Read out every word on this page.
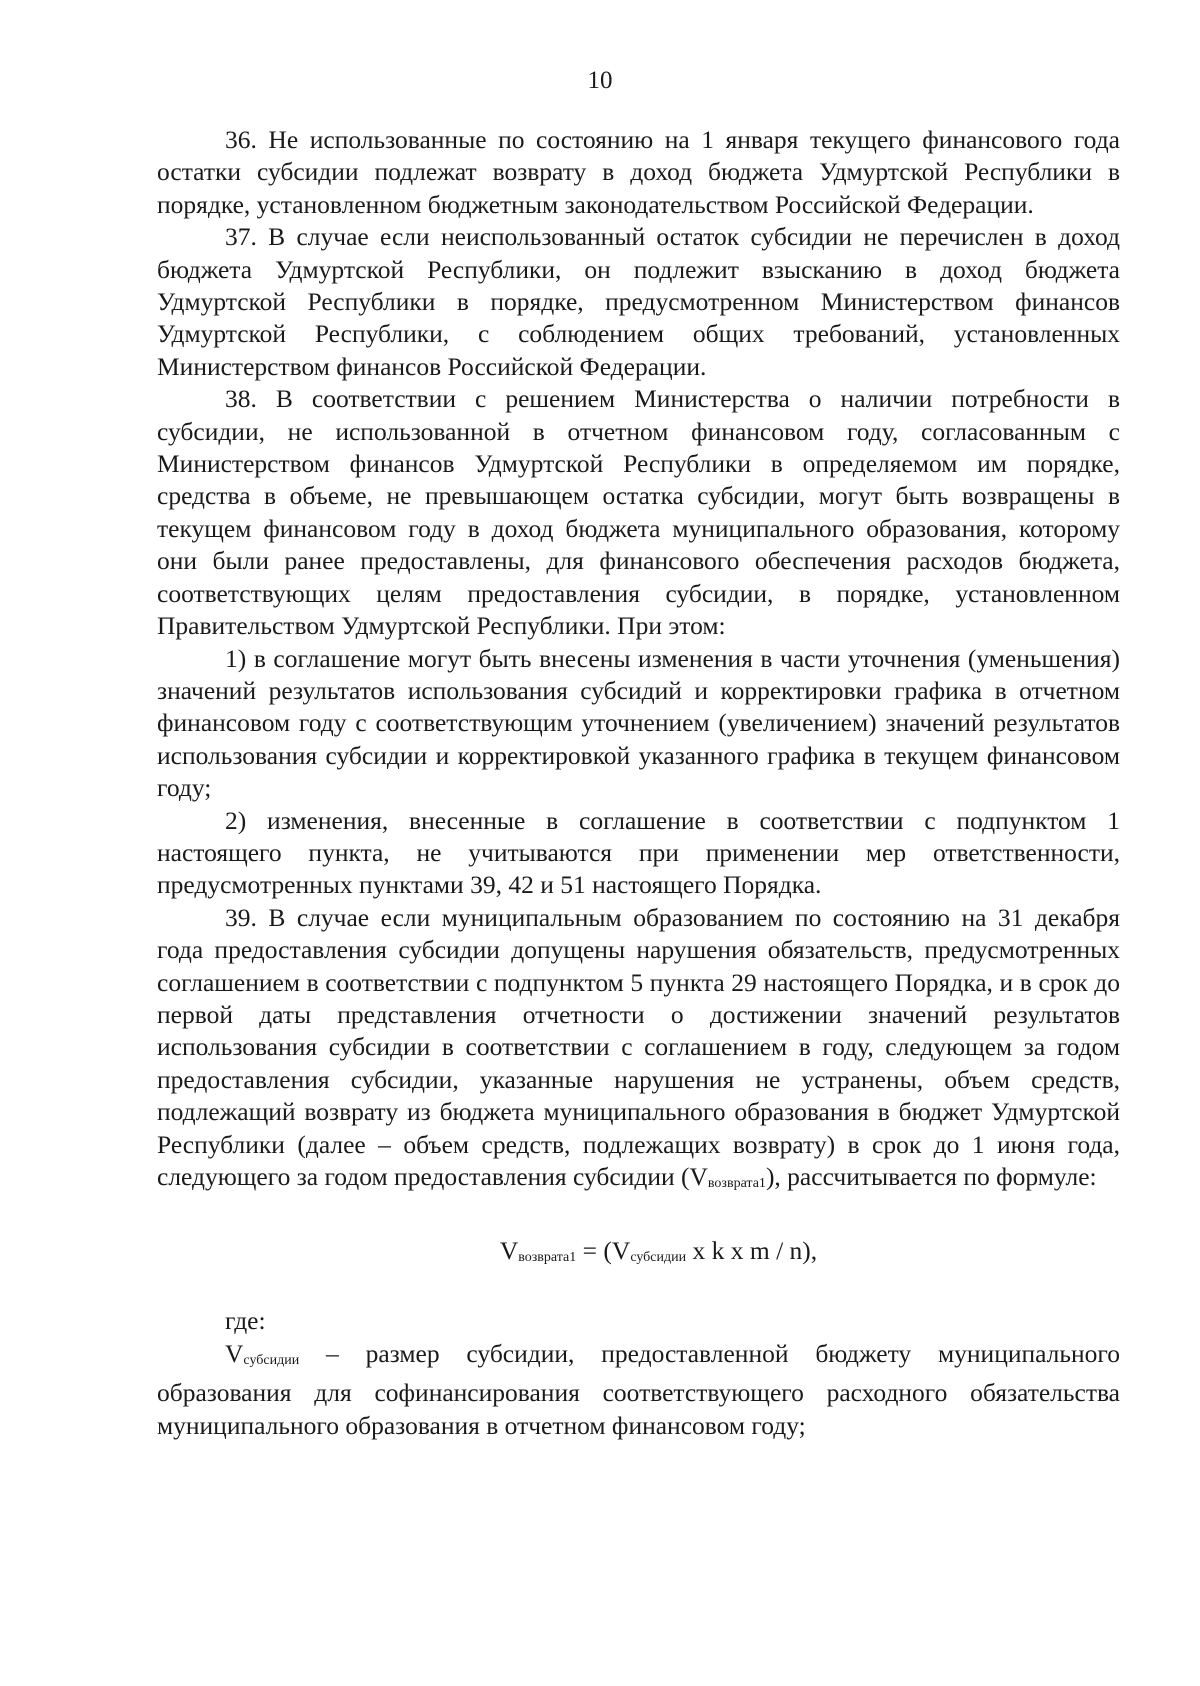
10

36. Не использованные по состоянию на 1 января текущего финансового года остатки субсидии подлежат возврату в доход бюджета Удмуртской Республики в порядке, установленном бюджетным законодательством Российской Федерации.

37. В случае если неиспользованный остаток субсидии не перечислен в доход бюджета Удмуртской Республики, он подлежит взысканию в доход бюджета Удмуртской Республики в порядке, предусмотренном Министерством финансов Удмуртской Республики, с соблюдением общих требований, установленных Министерством финансов Российской Федерации.

38. В соответствии с решением Министерства о наличии потребности в субсидии, не использованной в отчетном финансовом году, согласованным с Министерством финансов Удмуртской Республики в определяемом им порядке, средства в объеме, не превышающем остатка субсидии, могут быть возвращены в текущем финансовом году в доход бюджета муниципального образования, которому они были ранее предоставлены, для финансового обеспечения расходов бюджета, соответствующих целям предоставления субсидии, в порядке, установленном Правительством Удмуртской Республики. При этом:

1) в соглашение могут быть внесены изменения в части уточнения (уменьшения) значений результатов использования субсидий и корректировки графика в отчетном финансовом году с соответствующим уточнением (увеличением) значений результатов использования субсидии и корректировкой указанного графика в текущем финансовом году;

2) изменения, внесенные в соглашение в соответствии с подпунктом 1 настоящего пункта, не учитываются при применении мер ответственности, предусмотренных пунктами 39, 42 и 51 настоящего Порядка.

39. В случае если муниципальным образованием по состоянию на 31 декабря года предоставления субсидии допущены нарушения обязательств, предусмотренных соглашением в соответствии с подпунктом 5 пункта 29 настоящего Порядка, и в срок до первой даты представления отчетности о достижении значений результатов использования субсидии в соответствии с соглашением в году, следующем за годом предоставления субсидии, указанные нарушения не устранены, объем средств, подлежащий возврату из бюджета муниципального образования в бюджет Удмуртской Республики (далее – объем средств, подлежащих возврату) в срок до 1 июня года, следующего за годом предоставления субсидии (Vвозврата1), рассчитывается по формуле:

Vвозврата1 = (Vсубсидии x k x m / n),

где:

Vсубсидии – размер субсидии, предоставленной бюджету муниципального образования для софинансирования соответствующего расходного обязательства муниципального образования в отчетном финансовом году;
